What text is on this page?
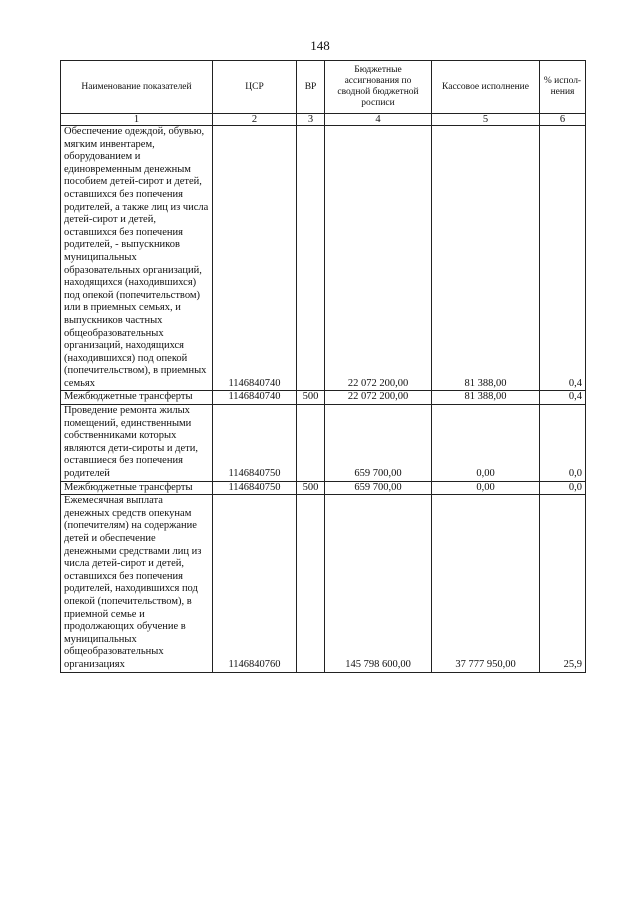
148
Наименование показателей	ЦСР	ВР	Бюджетные ассигнования по сводной бюджетной росписи	Кассовое исполнение	% испол-нения
1	2	3	4	5	6
Обеспечение одеждой, обувью, мягким инвентарем, оборудованием и единовременным денежным пособием детей-сирот и детей, оставшихся без попечения родителей, а также лиц из числа детей-сирот и детей, оставшихся без попечения родителей, - выпускников муниципальных образовательных организаций, находящихся (находившихся) под опекой (попечительством) или в приемных семьях, и выпускников частных общеобразовательных организаций, находящихся (находившихся) под опекой (попечительством), в приемных семьях	1146840740		22 072 200,00	81 388,00	0,4
Межбюджетные трансферты	1146840740	500	22 072 200,00	81 388,00	0,4
Проведение ремонта жилых помещений, единственными собственниками которых являются дети-сироты и дети, оставшиеся без попечения родителей	1146840750		659 700,00	0,00	0,0
Межбюджетные трансферты	1146840750	500	659 700,00	0,00	0,0
Ежемесячная выплата денежных средств опекунам (попечителям) на содержание детей и обеспечение денежными средствами лиц из числа детей-сирот и детей, оставшихся без попечения родителей, находившихся под опекой (попечительством), в приемной семье и продолжающих обучение в муниципальных общеобразовательных организациях	1146840760		145 798 600,00	37 777 950,00	25,9
